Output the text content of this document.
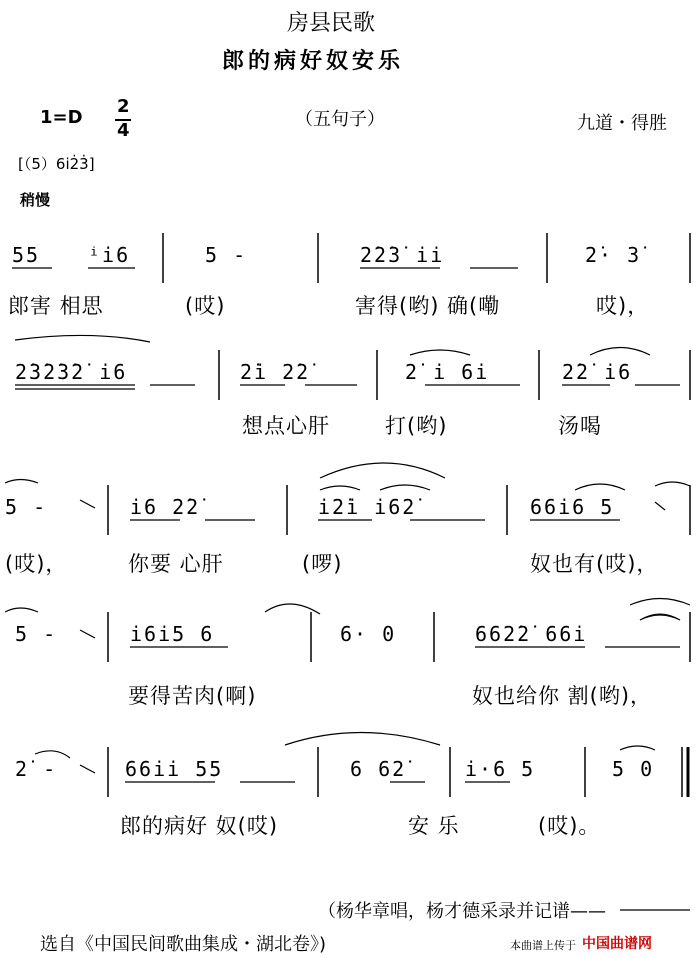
房县民歌
郎的病好奴安乐
1=D
2
4
（五句子）	九道・得胜
[（5）6i2̇3̇]
稍慢
55 ⁱi6	5 -	2̇2̇3̇ ii	2̇· 3̇
郎害 相思	(哎)	害得(哟) 确(嘞	哎)，
2̇3̇2̇3̇2̇ i6	2̇i 2̇2̇	2̇ i 6i	2̇2̇ i6
想点心肝	打(哟)	汤喝
5 -	i6 2̇2̇	i2̇i i62̇	66i6 5
(哎)，	你要 心肝	(啰)	奴也有(哎)，
5 -	i6i5 6	6· 0	662̇2̇ 66i
要得苦肉(啊)	奴也给你 割(哟)，
2̇ -	66ii 55	6 62̇	i·6 5	5 0
郎的病好 奴(哎)	安 乐	(哎)。
（杨华章唱，杨才德采录并记谱——
选自《中国民间歌曲集成・湖北卷》)	本曲谱上传于 中国曲谱网
